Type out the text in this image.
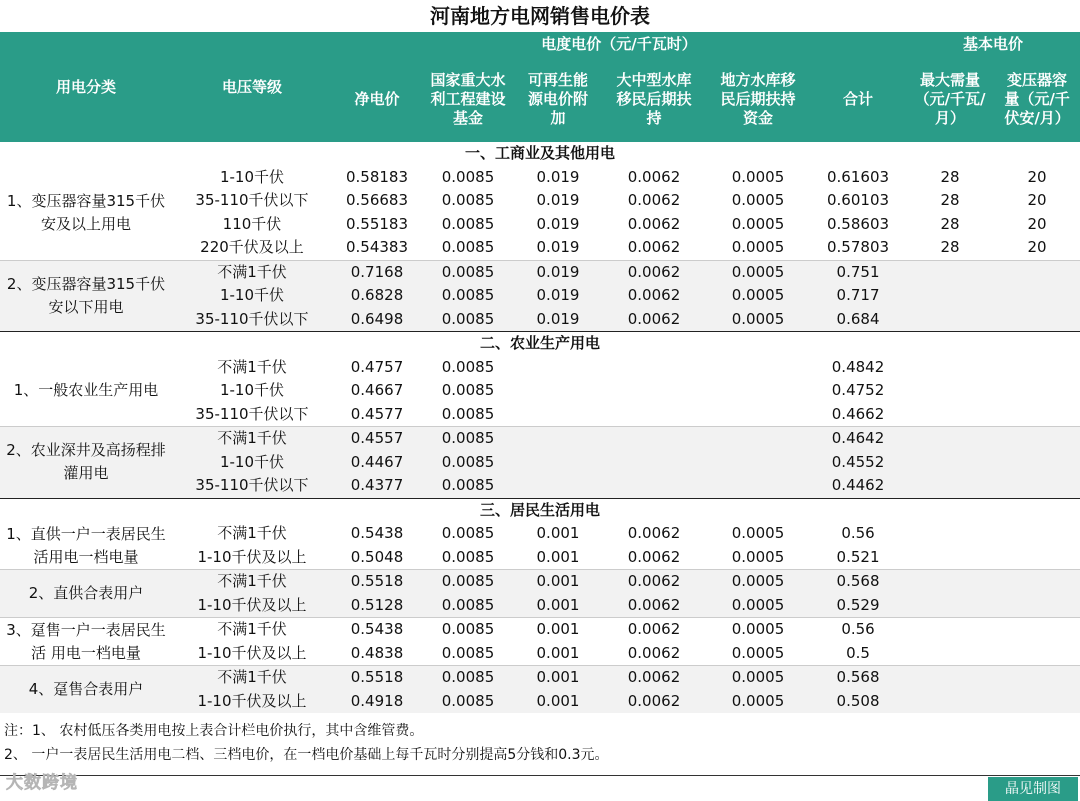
河南地方电网销售电价表
用电分类	电压等级	电度电价（元/千瓦时）						基本电价	
		净电价	国家重大水利工程建设基金	可再生能源电价附加	大中型水库移民后期扶持	地方水库移民后期扶持资金	合计	最大需量（元/千瓦/月）	变压器容量（元/千伏安/月）
一、工商业及其他用电									
1、变压器容量315千伏安及以上用电	1-10千伏	0.58183	0.0085	0.019	0.0062	0.0005	0.61603	28	20
	35-110千伏以下	0.56683	0.0085	0.019	0.0062	0.0005	0.60103	28	20
	110千伏	0.55183	0.0085	0.019	0.0062	0.0005	0.58603	28	20
	220千伏及以上	0.54383	0.0085	0.019	0.0062	0.0005	0.57803	28	20
2、变压器容量315千伏安以下用电	不满1千伏	0.7168	0.0085	0.019	0.0062	0.0005	0.751		
	1-10千伏	0.6828	0.0085	0.019	0.0062	0.0005	0.717		
	35-110千伏以下	0.6498	0.0085	0.019	0.0062	0.0005	0.684		
二、农业生产用电									
1、一般农业生产用电	不满1千伏	0.4757	0.0085				0.4842		
	1-10千伏	0.4667	0.0085				0.4752		
	35-110千伏以下	0.4577	0.0085				0.4662		
2、农业深井及高扬程排灌用电	不满1千伏	0.4557	0.0085				0.4642		
	1-10千伏	0.4467	0.0085				0.4552		
	35-110千伏以下	0.4377	0.0085				0.4462		
三、居民生活用电									
1、直供一户一表居民生活用电一档电量	不满1千伏	0.5438	0.0085	0.001	0.0062	0.0005	0.56		
	1-10千伏及以上	0.5048	0.0085	0.001	0.0062	0.0005	0.521		
2、直供合表用户	不满1千伏	0.5518	0.0085	0.001	0.0062	0.0005	0.568		
	1-10千伏及以上	0.5128	0.0085	0.001	0.0062	0.0005	0.529		
3、趸售一户一表居民生活 用电一档电量	不满1千伏	0.5438	0.0085	0.001	0.0062	0.0005	0.56		
	1-10千伏及以上	0.4838	0.0085	0.001	0.0062	0.0005	0.5		
4、趸售合表用户	不满1千伏	0.5518	0.0085	0.001	0.0062	0.0005	0.568		
	1-10千伏及以上	0.4918	0.0085	0.001	0.0062	0.0005	0.508		
注：1、 农村低压各类用电按上表合计栏电价执行，其中含维管费。
2、 一户一表居民生活用电二档、三档电价，在一档电价基础上每千瓦时分别提高5分钱和0.3元。
大数跨境	晶见制图
